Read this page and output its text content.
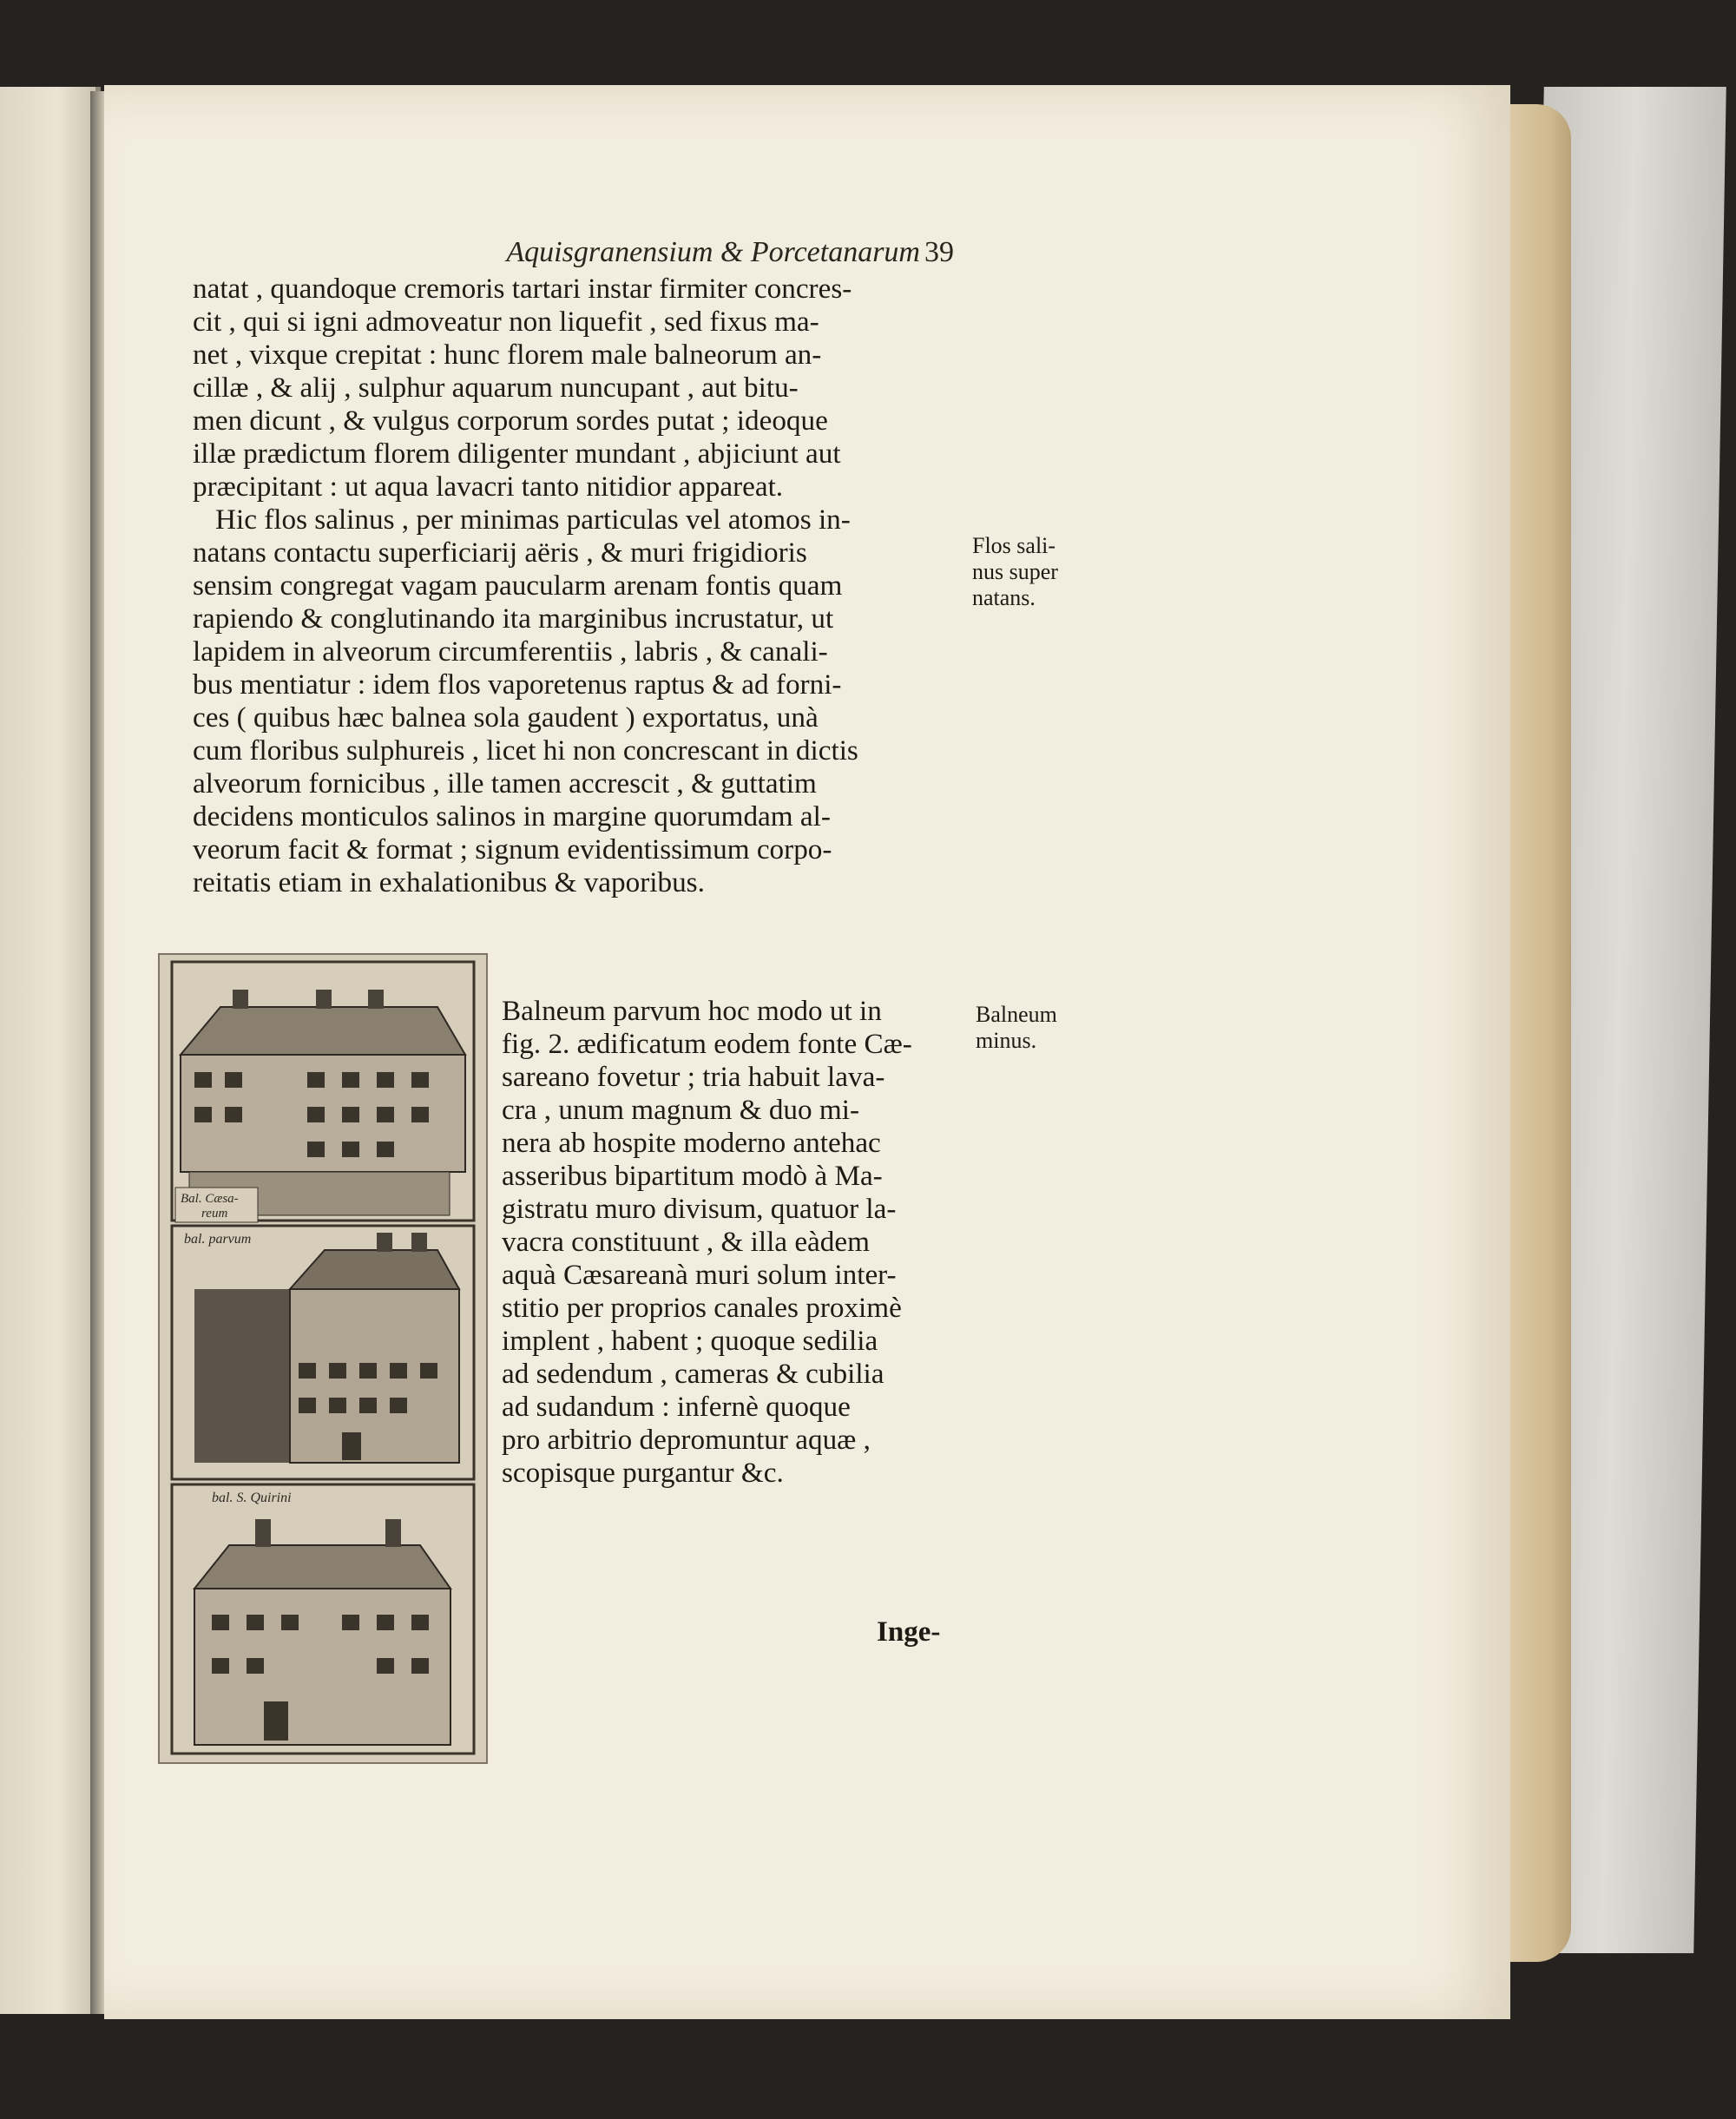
Aquisgranensium & Porcetanarum 39
natat , quandoque cremoris tartari instar firmiter concres-
cit , qui si igni admoveatur non liquefit , sed fixus ma-
net , vixque crepitat : hunc florem male balneorum an-
cillæ , & alij , sulphur aquarum nuncupant , aut bitu-
men dicunt , & vulgus corporum sordes putat ; ideoque
illæ prædictum florem diligenter mundant , abjiciunt aut
præcipitant : ut aqua lavacri tanto nitidior appareat.
Hic flos salinus , per minimas particulas vel atomos in-
natans contactu superficiarij aëris , & muri frigidioris
sensim congregat vagam paucularm arenam fontis quam
rapiendo & conglutinando ita marginibus incrustatur, ut
lapidem in alveorum circumferentiis , labris , & canali-
bus mentiatur : idem flos vaporetenus raptus & ad forni-
ces ( quibus hæc balnea sola gaudent ) exportatus, unà
cum floribus sulphureis , licet hi non concrescant in dictis
alveorum fornicibus , ille tamen accrescit , & guttatim
decidens monticulos salinos in margine quorumdam al-
veorum facit & format ; signum evidentissimum corpo-
reitatis etiam in exhalationibus & vaporibus.
Flos sali-
nus super
natans.
Balneum parvum hoc modo ut in
fig. 2. ædificatum eodem fonte Cæ-
sareano fovetur ; tria habuit lava-
cra , unum magnum & duo mi-
nera ab hospite moderno antehac
asseribus bipartitum modò à Ma-
gistratu muro divisum, quatuor la-
vacra constituunt , & illa eàdem
aquà Cæsareanà muri solum inter-
stitio per proprios canales proximè
implent , habent ; quoque sedilia
ad sedendum , cameras & cubilia
ad sudandum : infernè quoque
pro arbitrio depromuntur aquæ ,
scopisque purgantur &c.
Balneum
minus.
Inge-
Bal. Cæsa-
reum
bal. parvum
bal. S. Quirini
